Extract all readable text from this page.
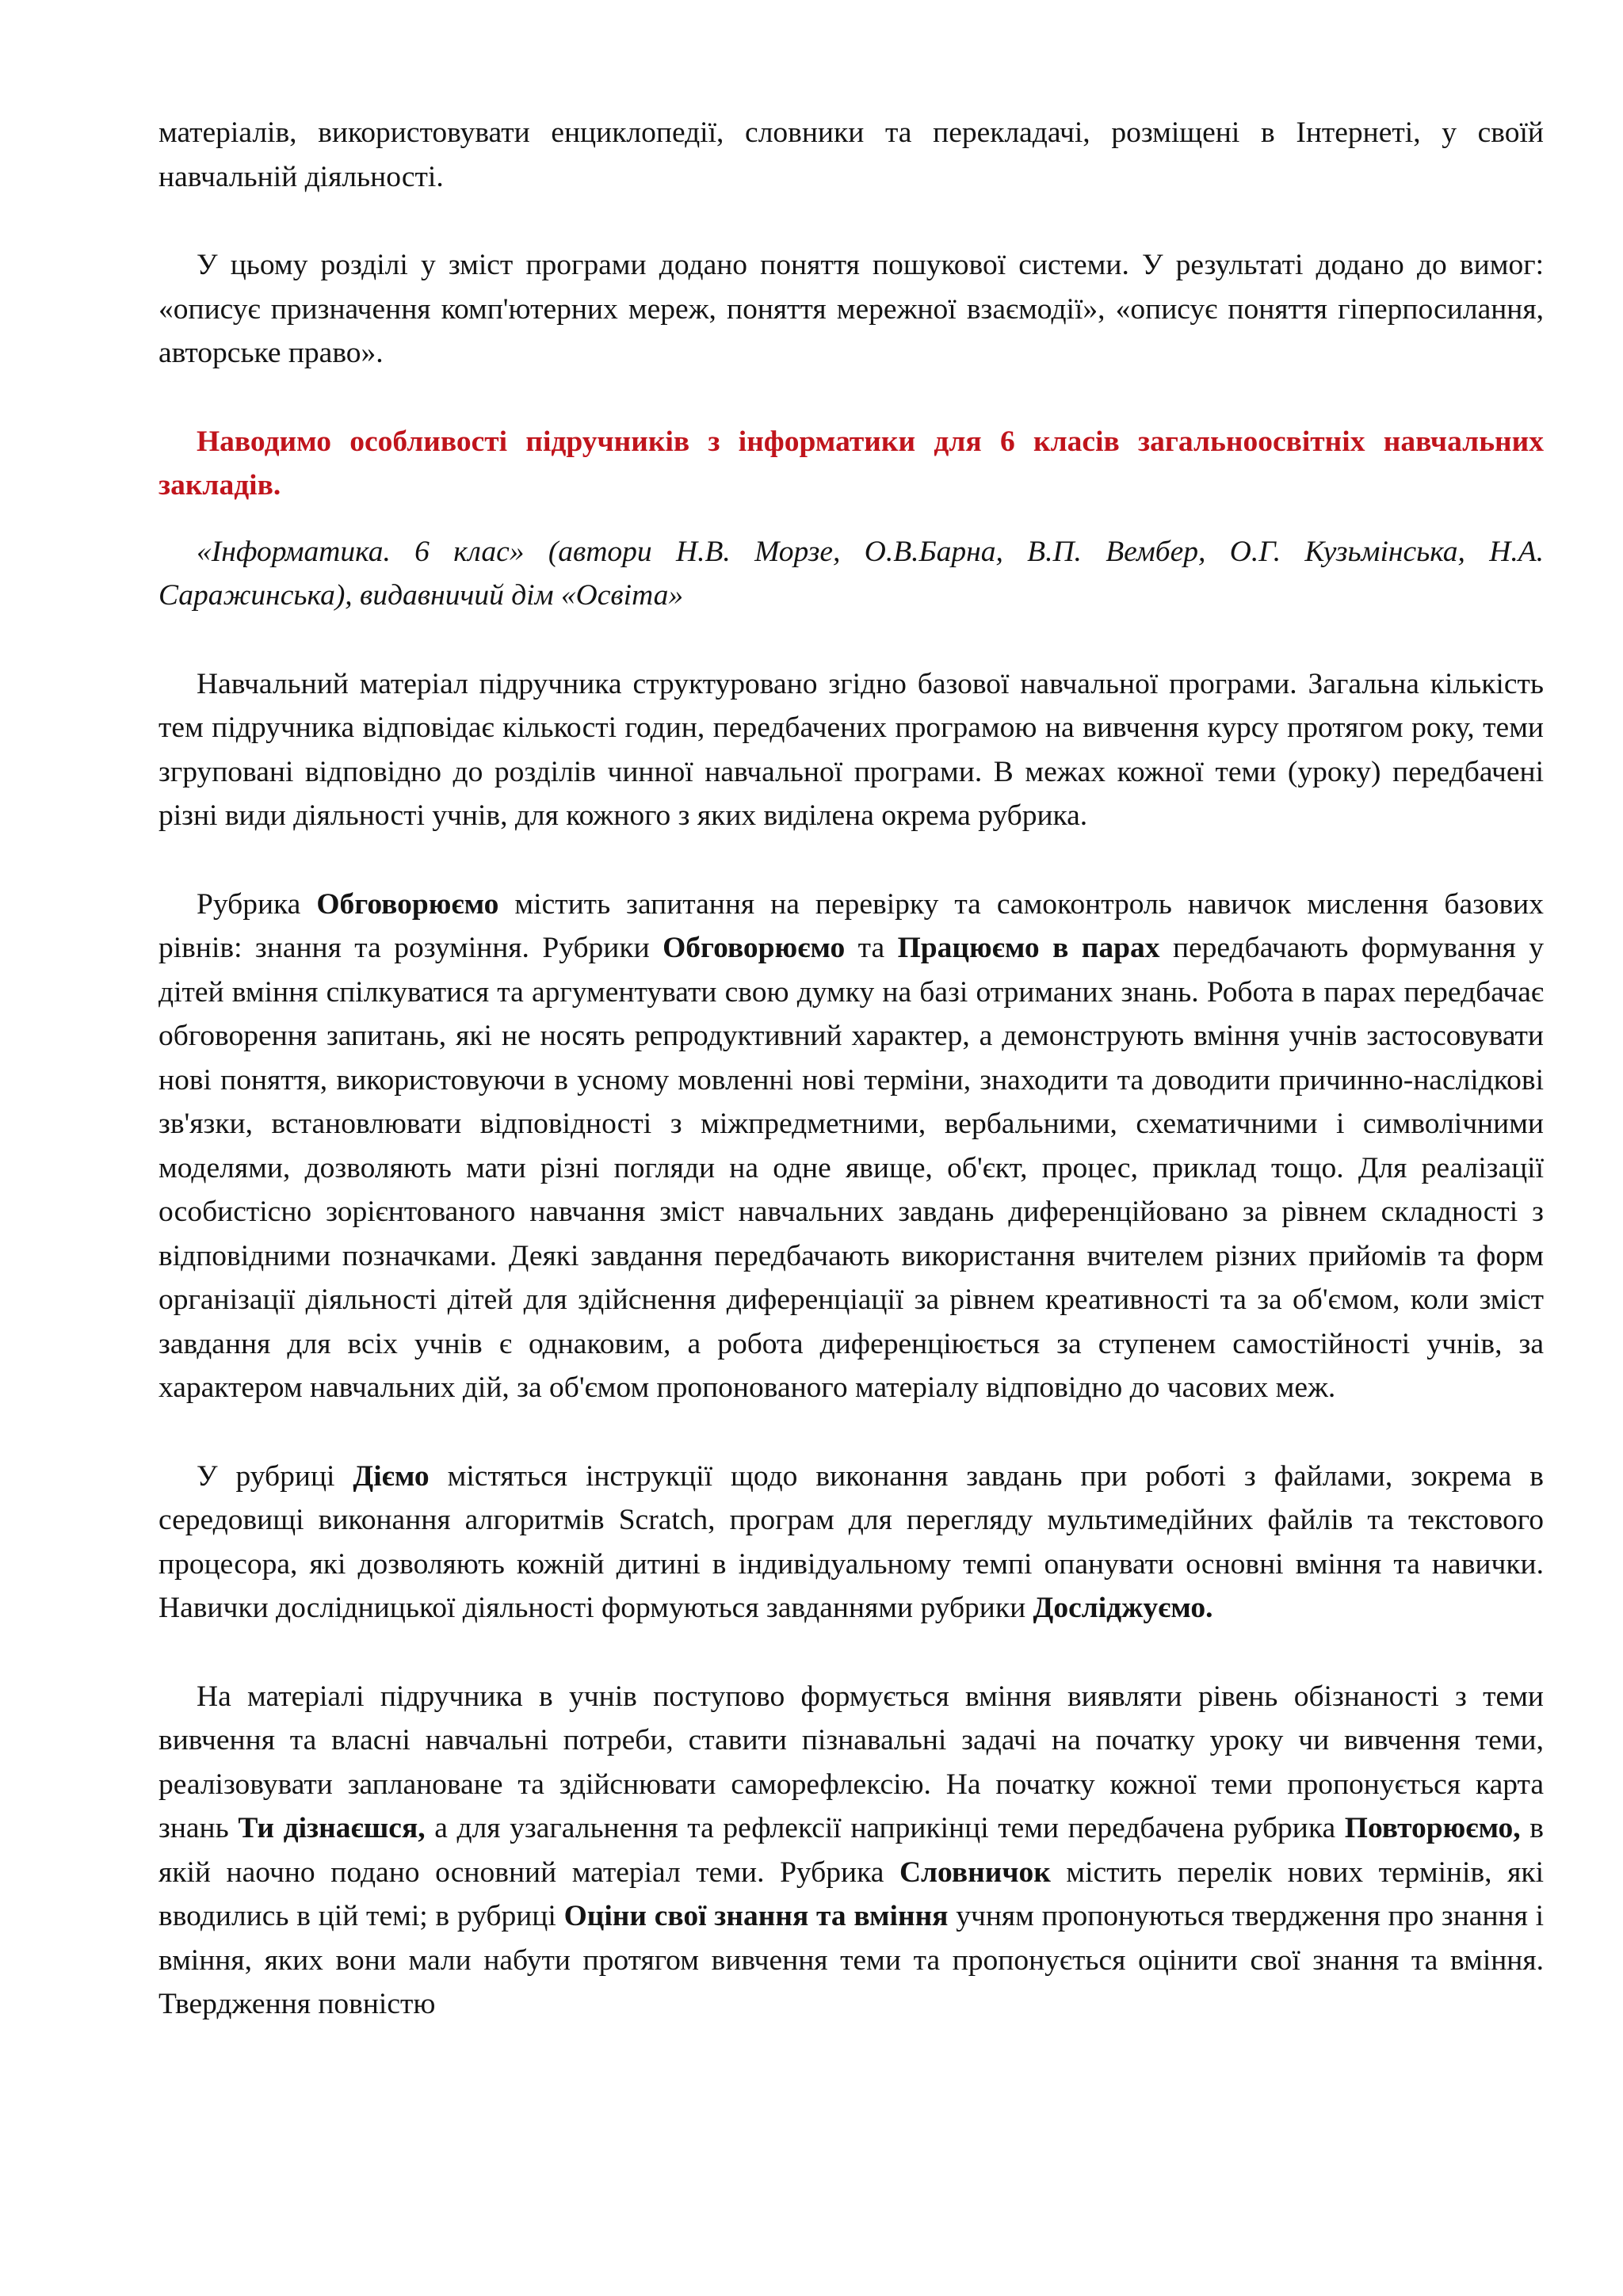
матеріалів, використовувати енциклопедії, словники та перекладачі, розміщені в Інтернеті, у своїй навчальній діяльності.

У цьому розділі у зміст програми додано поняття пошукової системи. У результаті додано до вимог: «описує призначення комп'ютерних мереж, поняття мережної взаємодії», «описує поняття гіперпосилання, авторське право».

Наводимо особливості підручників з інформатики для 6 класів загальноосвітніх навчальних закладів.

«Інформатика. 6 клас» (автори Н.В. Морзе, О.В.Барна, В.П. Вембер, О.Г. Кузьмінська, Н.А. Саражинська), видавничий дім «Освіта»

Навчальний матеріал підручника структуровано згідно базової навчальної програми. Загальна кількість тем підручника відповідає кількості годин, передбачених програмою на вивчення курсу протягом року, теми згруповані відповідно до розділів чинної навчальної програми. В межах кожної теми (уроку) передбачені різні види діяльності учнів, для кожного з яких виділена окрема рубрика.

Рубрика Обговорюємо містить запитання на перевірку та самоконтроль навичок мислення базових рівнів: знання та розуміння. Рубрики Обговорюємо та Працюємо в парах передбачають формування у дітей вміння спілкуватися та аргументувати свою думку на базі отриманих знань. Робота в парах передбачає обговорення запитань, які не носять репродуктивний характер, а демонструють вміння учнів застосовувати нові поняття, використовуючи в усному мовленні нові терміни, знаходити та доводити причинно-наслідкові зв'язки, встановлювати відповідності з міжпредметними, вербальними, схематичними і символічними моделями, дозволяють мати різні погляди на одне явище, об'єкт, процес, приклад тощо. Для реалізації особистісно зорієнтованого навчання зміст навчальних завдань диференційовано за рівнем складності з відповідними позначками. Деякі завдання передбачають використання вчителем різних прийомів та форм організації діяльності дітей для здійснення диференціації за рівнем креативності та за об'ємом, коли зміст завдання для всіх учнів є однаковим, а робота диференціюється за ступенем самостійності учнів, за характером навчальних дій, за об'ємом пропонованого матеріалу відповідно до часових меж.

У рубриці Діємо містяться інструкції щодо виконання завдань при роботі з файлами, зокрема в середовищі виконання алгоритмів Scratch, програм для перегляду мультимедійних файлів та текстового процесора, які дозволяють кожній дитині в індивідуальному темпі опанувати основні вміння та навички. Навички дослідницької діяльності формуються завданнями рубрики Досліджуємо.

На матеріалі підручника в учнів поступово формується вміння виявляти рівень обізнаності з теми вивчення та власні навчальні потреби, ставити пізнавальні задачі на початку уроку чи вивчення теми, реалізовувати заплановане та здійснювати саморефлексію. На початку кожної теми пропонується карта знань Ти дізнаєшся, а для узагальнення та рефлексії наприкінці теми передбачена рубрика Повторюємо, в якій наочно подано основний матеріал теми. Рубрика Словничок містить перелік нових термінів, які вводились в цій темі; в рубриці Оціни свої знання та вміння учням пропонуються твердження про знання і вміння, яких вони мали набути протягом вивчення теми та пропонується оцінити свої знання та вміння. Твердження повністю
